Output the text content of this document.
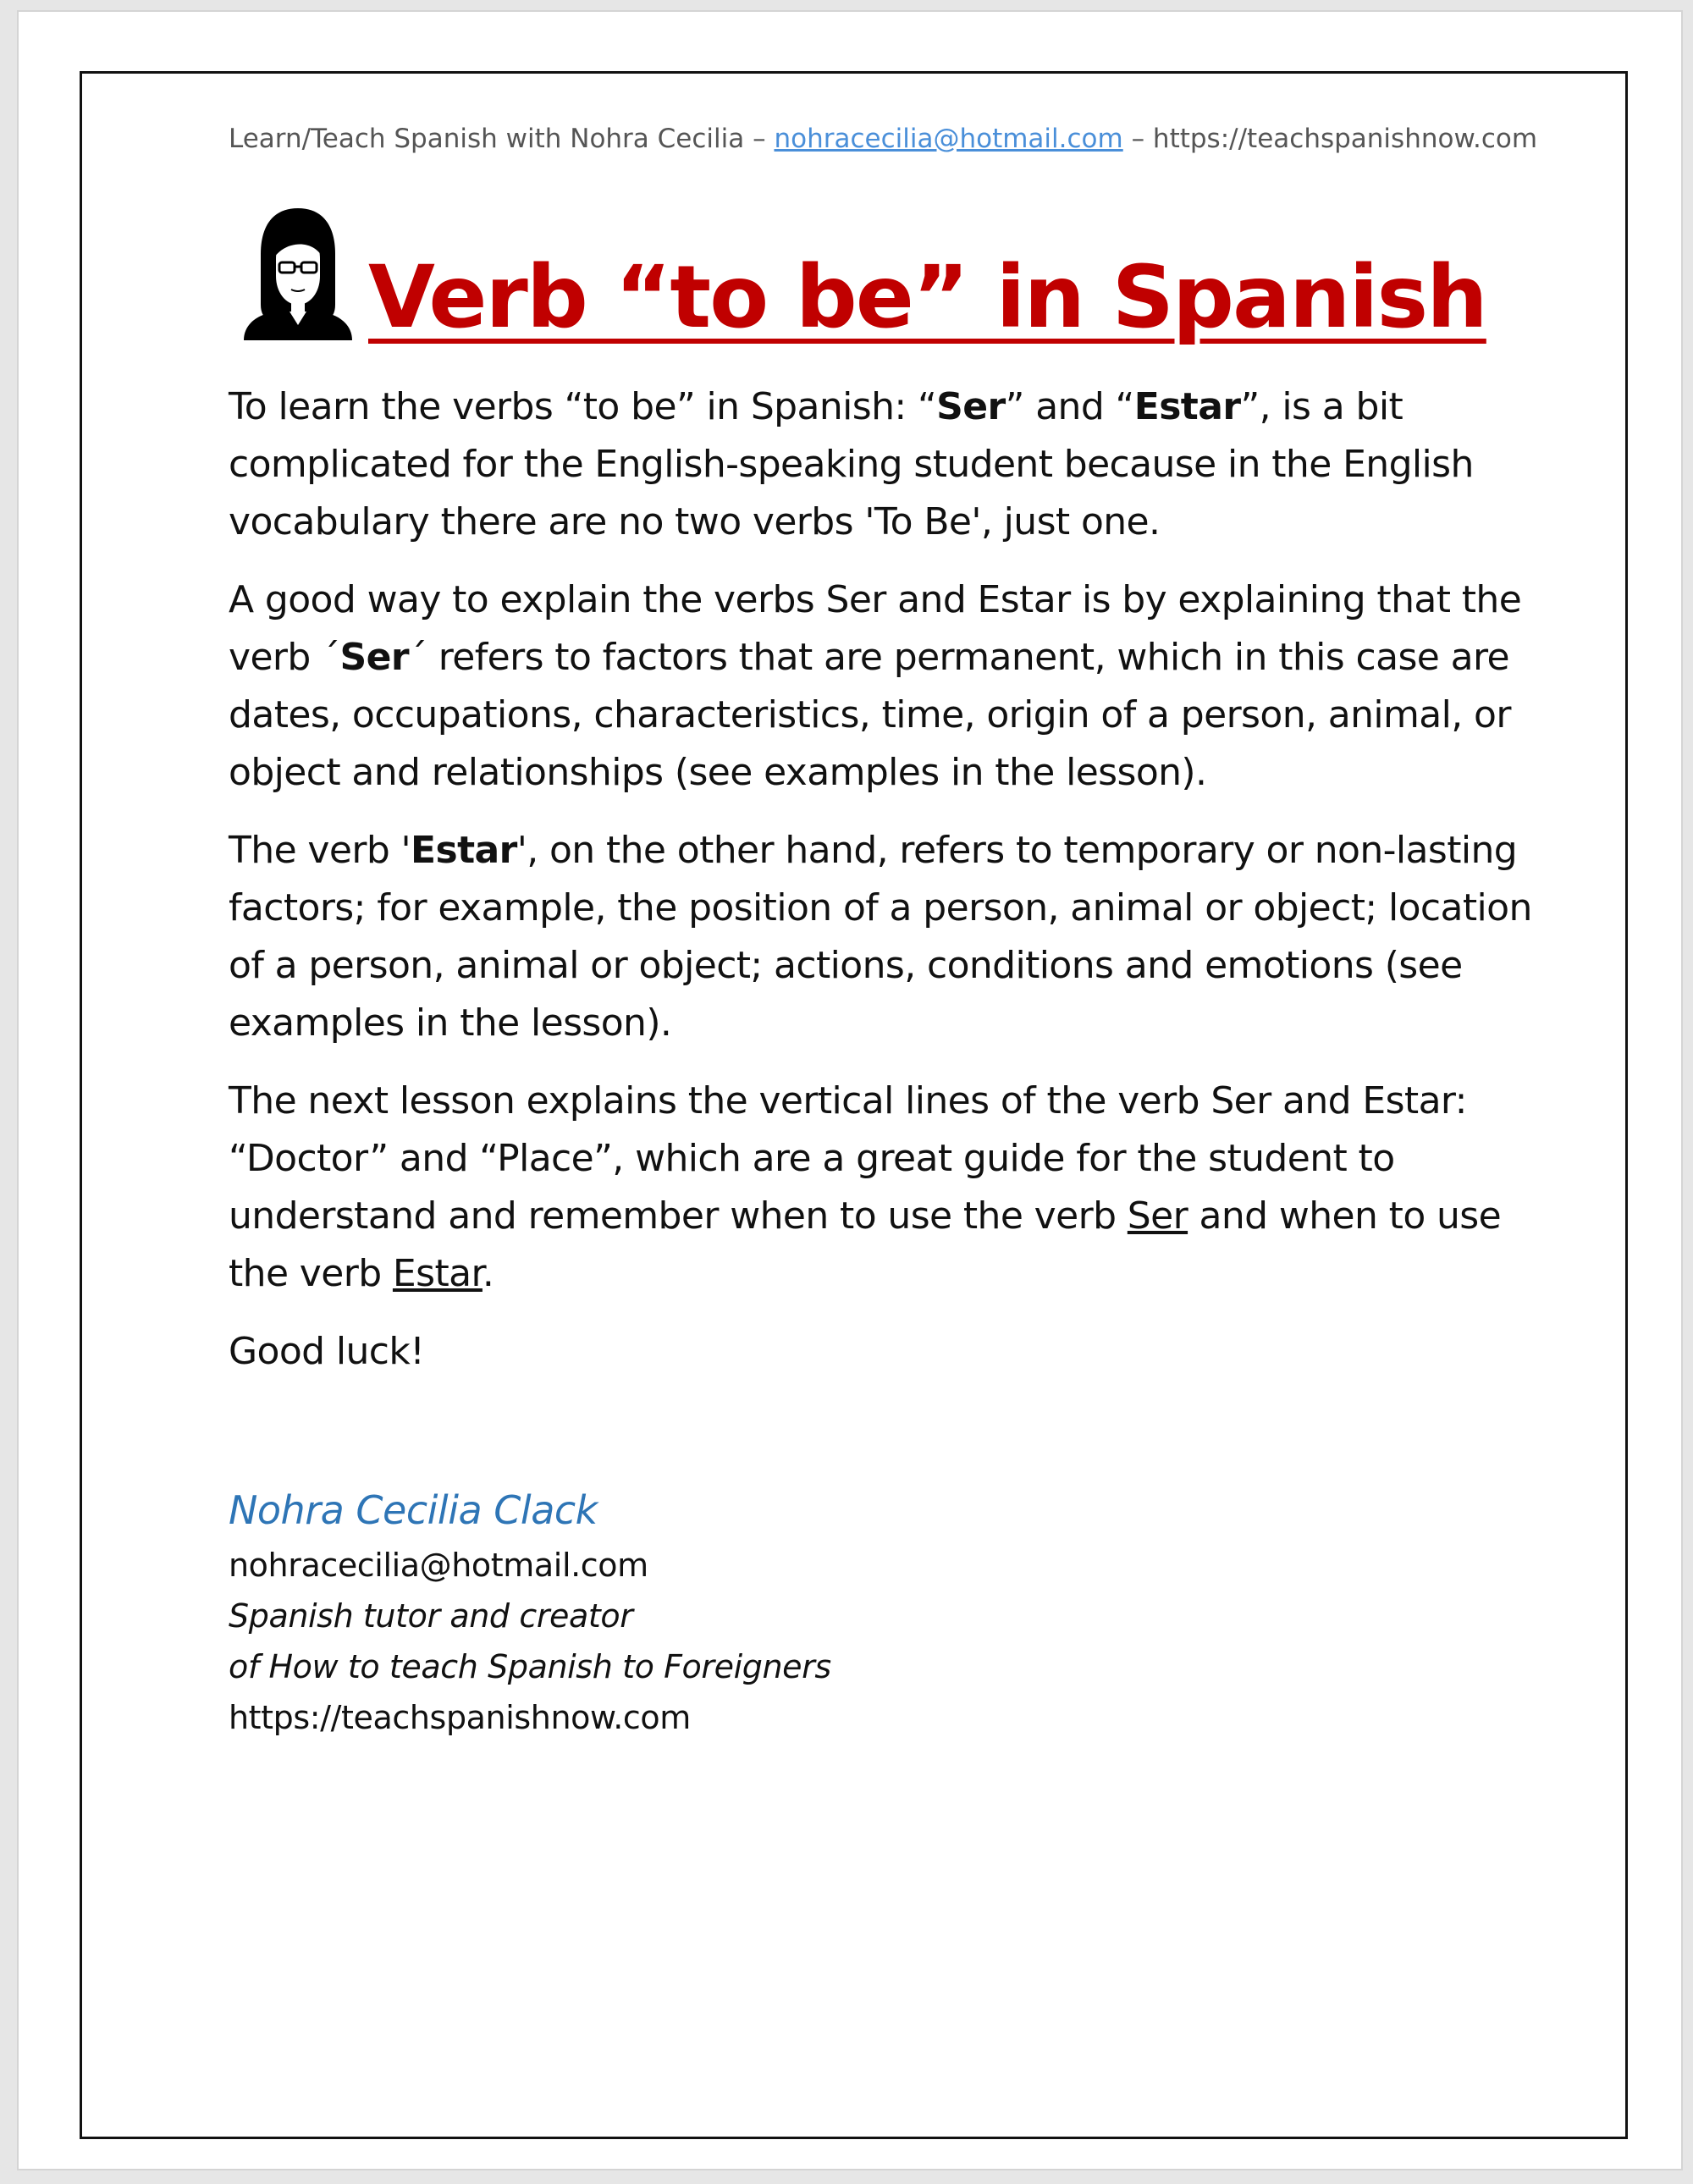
Learn/Teach Spanish with Nohra Cecilia – nohracecilia@hotmail.com – https://teachspanishnow.com
Verb “to be” in Spanish

To learn the verbs “to be” in Spanish: “Ser” and “Estar”, is a bit complicated for the English-speaking student because in the English vocabulary there are no two verbs 'To Be', just one.

A good way to explain the verbs Ser and Estar is by explaining that the verb ´Ser´ refers to factors that are permanent, which in this case are dates, occupations, characteristics, time, origin of a person, animal, or object and relationships (see examples in the lesson).

The verb 'Estar', on the other hand, refers to temporary or non-lasting factors; for example, the position of a person, animal or object; location of a person, animal or object; actions, conditions and emotions (see examples in the lesson).

The next lesson explains the vertical lines of the verb Ser and Estar: “Doctor” and “Place”, which are a great guide for the student to understand and remember when to use the verb Ser and when to use the verb Estar.

Good luck!

Nohra Cecilia Clack
nohracecilia@hotmail.com
Spanish tutor and creator
of How to teach Spanish to Foreigners
https://teachspanishnow.com
